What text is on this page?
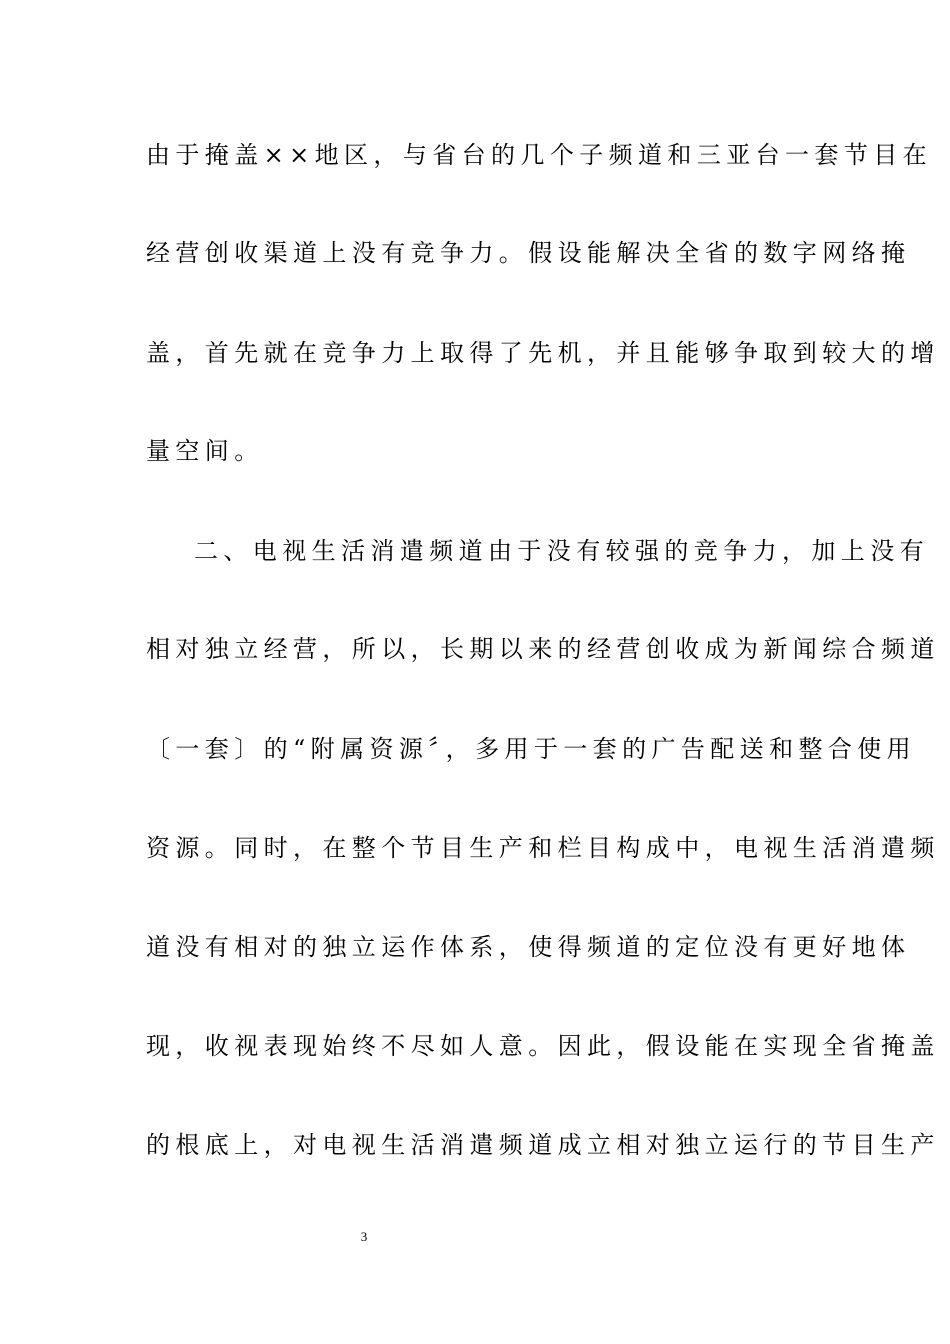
由于掩盖××地区，与省台的几个子频道和三亚台一套节目在
经营创收渠道上没有竞争力。假设能解决全省的数字网络掩
盖，首先就在竞争力上取得了先机，并且能够争取到较大的增
量空间。
二、电视生活消遣频道由于没有较强的竞争力，加上没有
相对独立经营，所以，长期以来的经营创收成为新闻综合频道
〔一套〕的“附属资源〞，多用于一套的广告配送和整合使用
资源。同时，在整个节目生产和栏目构成中，电视生活消遣频
道没有相对的独立运作体系，使得频道的定位没有更好地体
现，收视表现始终不尽如人意。因此，假设能在实现全省掩盖
的根底上，对电视生活消遣频道成立相对独立运行的节目生产
3
